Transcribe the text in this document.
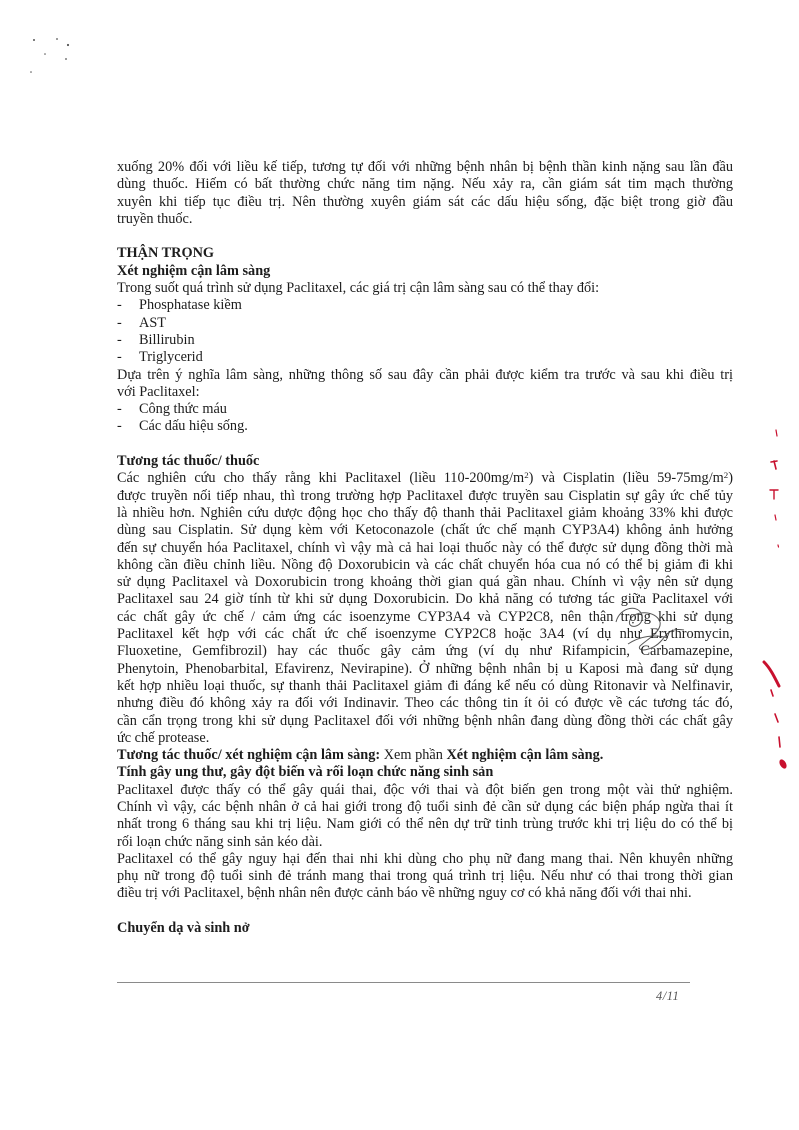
xuống 20% đối với liều kế tiếp, tương tự đối với những bệnh nhân bị bệnh thần kinh nặng sau lần đầu
dùng thuốc. Hiếm có bất thường chức năng tim nặng. Nếu xảy ra, cần giám sát tim mạch thường
xuyên khi tiếp tục điều trị. Nên thường xuyên giám sát các dấu hiệu sống, đặc biệt trong giờ đầu
truyền thuốc.
THẬN TRỌNG
Xét nghiệm cận lâm sàng
Trong suốt quá trình sử dụng Paclitaxel, các giá trị cận lâm sàng sau có thể thay đổi:
- Phosphatase kiềm
- AST
- Billirubin
- Triglycerid
Dựa trên ý nghĩa lâm sàng, những thông số sau đây cần phải được kiểm tra trước và sau khi điều trị
với Paclitaxel:
- Công thức máu
- Các dấu hiệu sống.
Tương tác thuốc/ thuốc
Các nghiên cứu cho thấy rằng khi Paclitaxel (liều $110-200mg/m^2$) và Cisplatin (liều $59-75mg/m^2$)
được truyền nối tiếp nhau, thì trong trường hợp Paclitaxel được truyền sau Cisplatin sự gây ức chế tủy
là nhiều hơn. Nghiên cứu dược động học cho thấy độ thanh thải Paclitaxel giảm khoảng 33% khi được
dùng sau Cisplatin. Sử dụng kèm với Ketoconazole (chất ức chế mạnh CYP3A4) không ảnh hưởng
đến sự chuyển hóa Paclitaxel, chính vì vậy mà cả hai loại thuốc này có thể được sử dụng đồng thời mà
không cần điều chỉnh liều. Nồng độ Doxorubicin và các chất chuyển hóa cua nó có thể bị giảm đi khi
sử dụng Paclitaxel và Doxorubicin trong khoảng thời gian quá gần nhau. Chính vì vậy nên sử dụng
Paclitaxel sau 24 giờ tính từ khi sử dụng Doxorubicin. Do khả năng có tương tác giữa Paclitaxel với
các chất gây ức chế / cảm ứng các isoenzyme CYP3A4 và CYP2C8, nên thận trọng khi sử dụng
Paclitaxel kết hợp với các chất ức chế isoenzyme CYP2C8 hoặc 3A4 (ví dụ như Erythromycin,
Fluoxetine, Gemfibrozil) hay các thuốc gây cảm ứng (ví dụ như Rifampicin, Carbamazepine,
Phenytoin, Phenobarbital, Efavirenz, Nevirapine). Ở những bệnh nhân bị u Kaposi mà đang sử dụng
kết hợp nhiều loại thuốc, sự thanh thải Paclitaxel giảm đi đáng kể nếu có dùng Ritonavir và Nelfinavir,
nhưng điều đó không xảy ra đối với Indinavir. Theo các thông tin ít ỏi có được về các tương tác đó,
cần cẩn trọng trong khi sử dụng Paclitaxel đối với những bệnh nhân đang dùng đồng thời các chất gây
ức chế protease.
Tương tác thuốc/ xét nghiệm cận lâm sàng: Xem phần Xét nghiệm cận lâm sàng.
Tính gây ung thư, gây đột biến và rối loạn chức năng sinh sản
Paclitaxel được thấy có thể gây quái thai, độc với thai và đột biến gen trong một vài thử nghiệm.
Chính vì vậy, các bệnh nhân ở cả hai giới trong độ tuổi sinh đẻ cần sử dụng các biện pháp ngừa thai ít
nhất trong 6 tháng sau khi trị liệu. Nam giới có thể nên dự trữ tinh trùng trước khi trị liệu do có thể bị
rối loạn chức năng sinh sản kéo dài.
Paclitaxel có thể gây nguy hại đến thai nhi khi dùng cho phụ nữ đang mang thai. Nên khuyên những
phụ nữ trong độ tuổi sinh đẻ tránh mang thai trong quá trình trị liệu. Nếu như có thai trong thời gian
điều trị với Paclitaxel, bệnh nhân nên được cảnh báo về những nguy cơ có khả năng đối với thai nhi.
Chuyển dạ và sinh nở
4/11
